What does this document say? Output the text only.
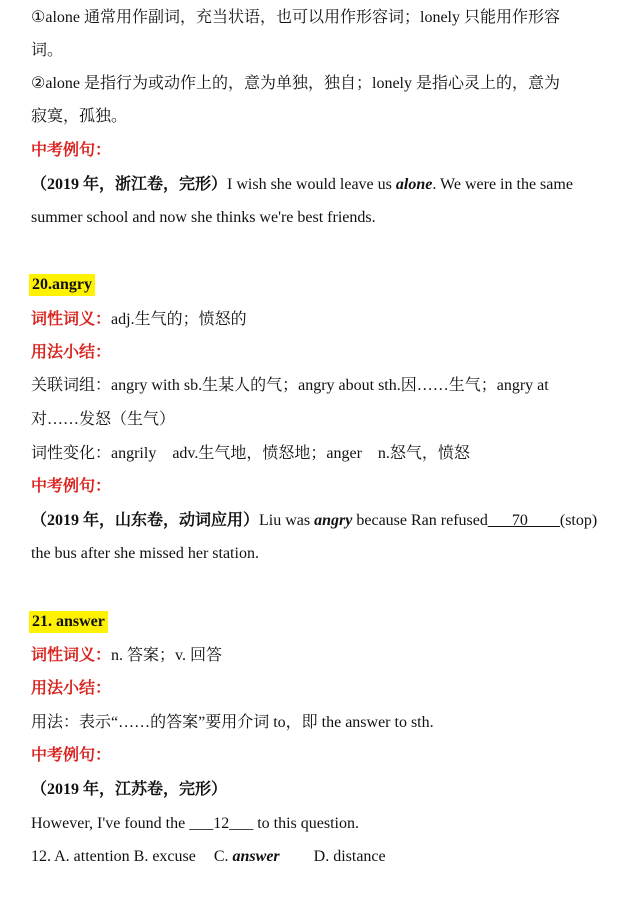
①alone 通常用作副词，充当状语，也可以用作形容词；lonely 只能用作形容
词。
②alone 是指行为或动作上的，意为单独，独自；lonely 是指心灵上的，意为
寂寞，孤独。
中考例句：
（2019 年，浙江卷，完形）I wish she would leave us alone. We were in the same
summer school and now she thinks we're best friends.
20.angry
词性词义：adj.生气的；愤怒的
用法小结：
关联词组：angry with sb.生某人的气；angry about sth.因……生气；angry at
对……发怒（生气）
词性变化：angrily    adv.生气地，愤怒地；anger    n.怒气，愤怒
中考例句：
（2019 年，山东卷，动词应用）Liu was angry because Ran refused___70____(stop)
the bus after she missed her station.
21. answer
词性词义：n. 答案；v. 回答
用法小结：
用法：表示“……的答案”要用介词 to，即 the answer to sth.
中考例句：
（2019 年，江苏卷，完形）
However, I've found the ___12___ to this question.
12. A. attention B. excuse C. answer D. distance
